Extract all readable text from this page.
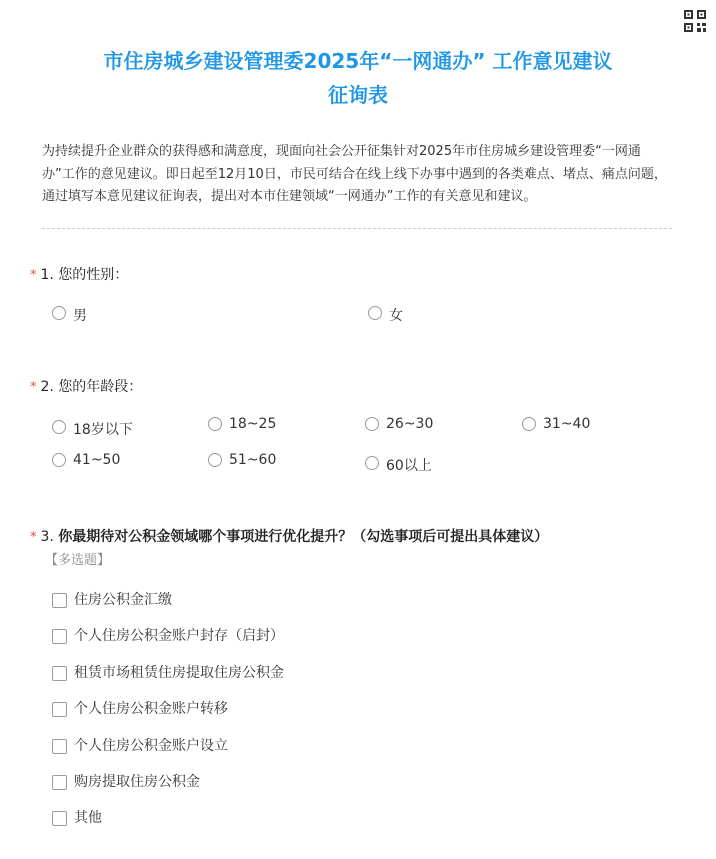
市住房城乡建设管理委2025年“一网通办” 工作意见建议
征询表
为持续提升企业群众的获得感和满意度，现面向社会公开征集针对2025年市住房城乡建设管理委“一网通办”工作的意见建议。即日起至12月10日，市民可结合在线上线下办事中遇到的各类难点、堵点、痛点问题，通过填写本意见建议征询表，提出对本市住建领域“一网通办”工作的有关意见和建议。
* 1. 您的性别：
男	女
* 2. 您的年龄段：
18岁以下	18~25	26~30	31~40
41~50	51~60	60以上
* 3. 你最期待对公积金领域哪个事项进行优化提升？（勾选事项后可提出具体建议）
【多选题】
住房公积金汇缴
个人住房公积金账户封存（启封）
租赁市场租赁住房提取住房公积金
个人住房公积金账户转移
个人住房公积金账户设立
购房提取住房公积金
其他
